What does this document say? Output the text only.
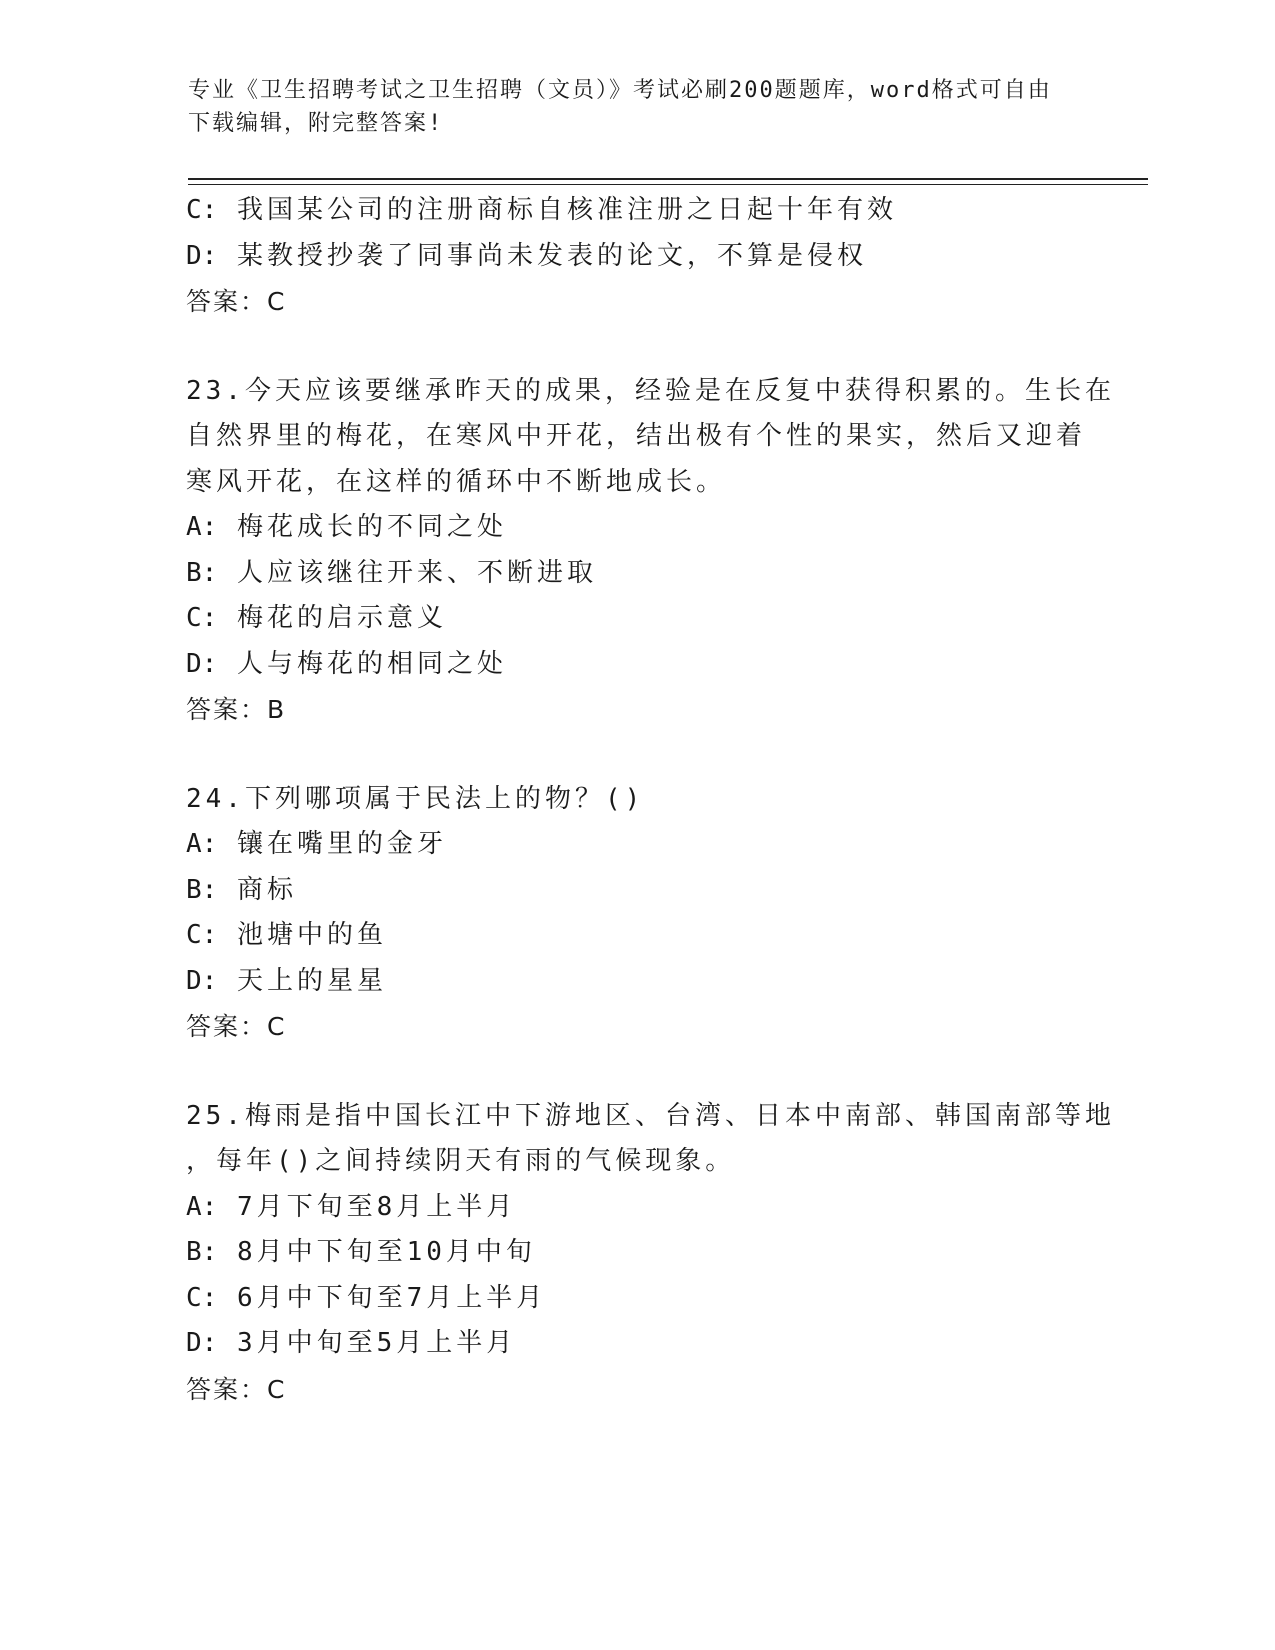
专业《卫生招聘考试之卫生招聘（文员）》考试必刷200题题库，word格式可自由下载编辑，附完整答案!
C: 我国某公司的注册商标自核准注册之日起十年有效
D: 某教授抄袭了同事尚未发表的论文，不算是侵权
答案：C
23.今天应该要继承昨天的成果，经验是在反复中获得积累的。生长在
自然界里的梅花，在寒风中开花，结出极有个性的果实，然后又迎着
寒风开花，在这样的循环中不断地成长。
A: 梅花成长的不同之处
B: 人应该继往开来、不断进取
C: 梅花的启示意义
D: 人与梅花的相同之处
答案：B
24.下列哪项属于民法上的物？()
A: 镶在嘴里的金牙
B: 商标
C: 池塘中的鱼
D: 天上的星星
答案：C
25.梅雨是指中国长江中下游地区、台湾、日本中南部、韩国南部等地
，每年()之间持续阴天有雨的气候现象。
A: 7月下旬至8月上半月
B: 8月中下旬至10月中旬
C: 6月中下旬至7月上半月
D: 3月中旬至5月上半月
答案：C
